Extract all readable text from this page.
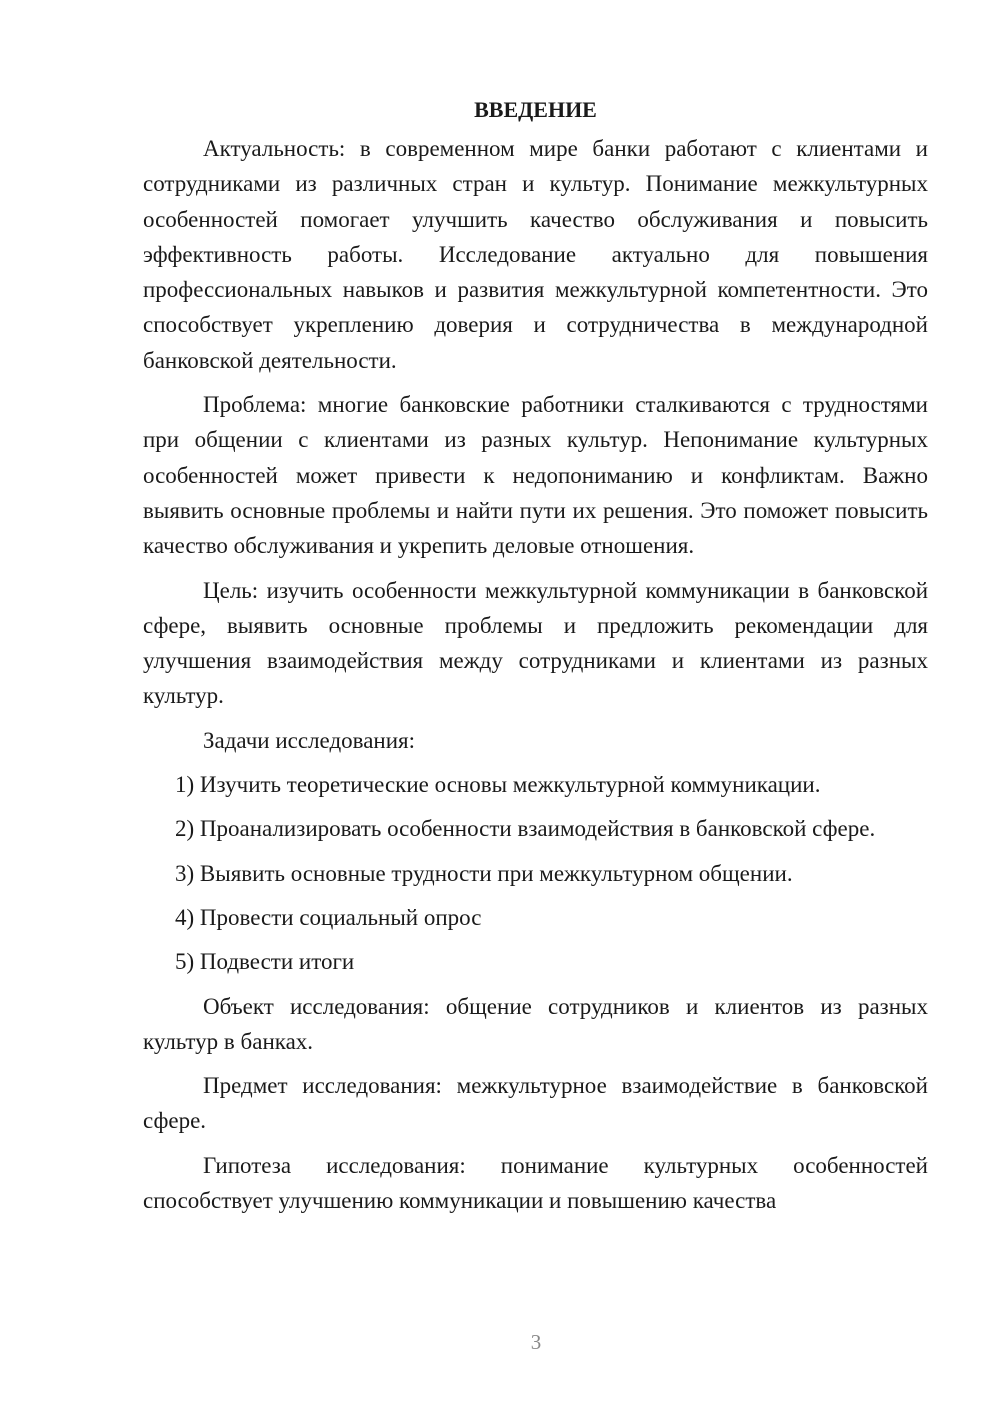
ВВЕДЕНИЕ

Актуальность: в современном мире банки работают с клиентами и сотрудниками из различных стран и культур. Понимание межкультурных особенностей помогает улучшить качество обслуживания и повысить эффективность работы. Исследование актуально для повышения профессиональных навыков и развития межкультурной компетентности. Это способствует укреплению доверия и сотрудничества в международной банковской деятельности.

Проблема: многие банковские работники сталкиваются с трудностями при общении с клиентами из разных культур. Непонимание культурных особенностей может привести к недопониманию и конфликтам. Важно выявить основные проблемы и найти пути их решения. Это поможет повысить качество обслуживания и укрепить деловые отношения.

Цель: изучить особенности межкультурной коммуникации в банковской сфере, выявить основные проблемы и предложить рекомендации для улучшения взаимодействия между сотрудниками и клиентами из разных культур.

Задачи исследования:

1) Изучить теоретические основы межкультурной коммуникации.

2) Проанализировать особенности взаимодействия в банковской сфере.

3) Выявить основные трудности при межкультурном общении.

4) Провести социальный опрос

5) Подвести итоги

Объект исследования: общение сотрудников и клиентов из разных культур в банках.

Предмет исследования: межкультурное взаимодействие в банковской сфере.

Гипотеза исследования: понимание культурных особенностей способствует улучшению коммуникации и повышению качества

3
